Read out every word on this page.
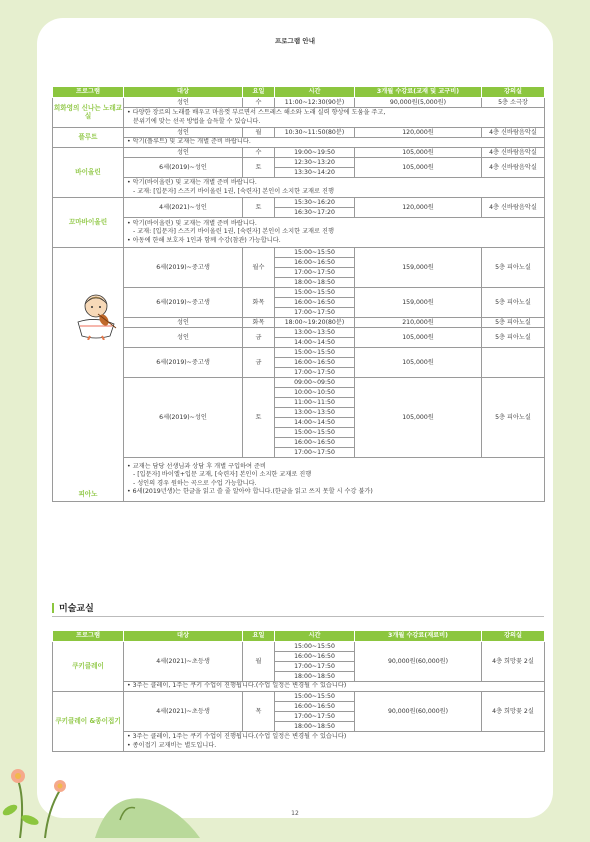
프로그램 안내
프로그램	대상	요일	시간	3개월 수강료(교재 및 교구비)	강의실
희화영의 신나는 노래교실	성인	수	11:00~12:30(90분)	90,000원(5,000원)	5층 소극장

	• 다양한 장르의 노래를 배우고 마음껏 부르면서 스트레스 해소와 노래 실력 향상에 도움을 주고,
분위기에 맞는 선곡 방법을 습득할 수 있습니다.				

플루트	성인	월	10:30~11:50(80분)	120,000원	4층 신바람음악실

	• 악기(플루트) 및 교재는 개별 준비 바랍니다.				

바이올린	성인	수	19:00~19:50	105,000원	4층 신바람음악실
	6세(2019)~성인	토	12:30~13:20	105,000원	4층 신바람음악실
			13:30~14:20		

	• 악기(바이올린) 및 교재는 개별 준비 바랍니다.
- 교재: [입문자] 스즈키 바이올린 1권, [숙련자] 본인이 소지한 교재로 진행				

꼬마바이올린	4세(2021)~성인	토	15:30~16:20	120,000원	4층 신바람음악실
			16:30~17:20		

	• 악기(바이올린) 및 교재는 개별 준비 바랍니다.
- 교재: [입문자] 스즈키 바이올린 1권, [숙련자] 본인이 소지한 교재로 진행
• 아동에 한해 보호자 1인과 함께 수강(참관) 가능합니다.				

피아노	6세(2019)~중고생	월수	15:00~15:50	159,000원	5층 피아노실
			16:00~16:50		
			17:00~17:50		
			18:00~18:50		
	6세(2019)~중고생	화목	15:00~15:50	159,000원	5층 피아노실
			16:00~16:50		
			17:00~17:50		
	성인	화목	18:00~19:20(80분)	210,000원	5층 피아노실
	성인	금	13:00~13:50	105,000원	5층 피아노실
			14:00~14:50		
	6세(2019)~중고생	금	15:00~15:50	105,000원	
			16:00~16:50		
			17:00~17:50		
	6세(2019)~성인	토	09:00~09:50	105,000원	5층 피아노실
			10:00~10:50		
			11:00~11:50		
			13:00~13:50		
			14:00~14:50		
			15:00~15:50		
			16:00~16:50		
			17:00~17:50		

	• 교재는 담당 선생님과 상담 후 개별 구입하여 준비
- [입문자] 바이엘+입문 교재, [숙련자] 본인이 소지한 교재로 진행
- 성인의 경우 원하는 곡으로 수업 가능합니다.
• 6세(2019년생)는 한글을 읽고 쓸 줄 알아야 합니다.(한글을 읽고 쓰지 못할 시 수강 불가)				
미술교실
프로그램	대상	요일	시간	3개월 수강료(재료비)	강의실
쿠키클레이	4세(2021)~초등생	월	15:00~15:50	90,000원(60,000원)	4층 희망꽃 2실
			16:00~16:50		
			17:00~17:50		
			18:00~18:50		

	• 3주는 클레이, 1주는 쿠키 수업이 진행됩니다.(수업 일정은 변경될 수 있습니다)				

쿠키클레이 &종이접기	4세(2021)~초등생	목	15:00~15:50	90,000원(60,000원)	4층 희망꽃 2실
			16:00~16:50		
			17:00~17:50		
			18:00~18:50		

	• 3주는 클레이, 1주는 쿠키 수업이 진행됩니다.(수업 일정은 변경될 수 있습니다)
• 종이접기 교재비는 별도입니다.				
12
